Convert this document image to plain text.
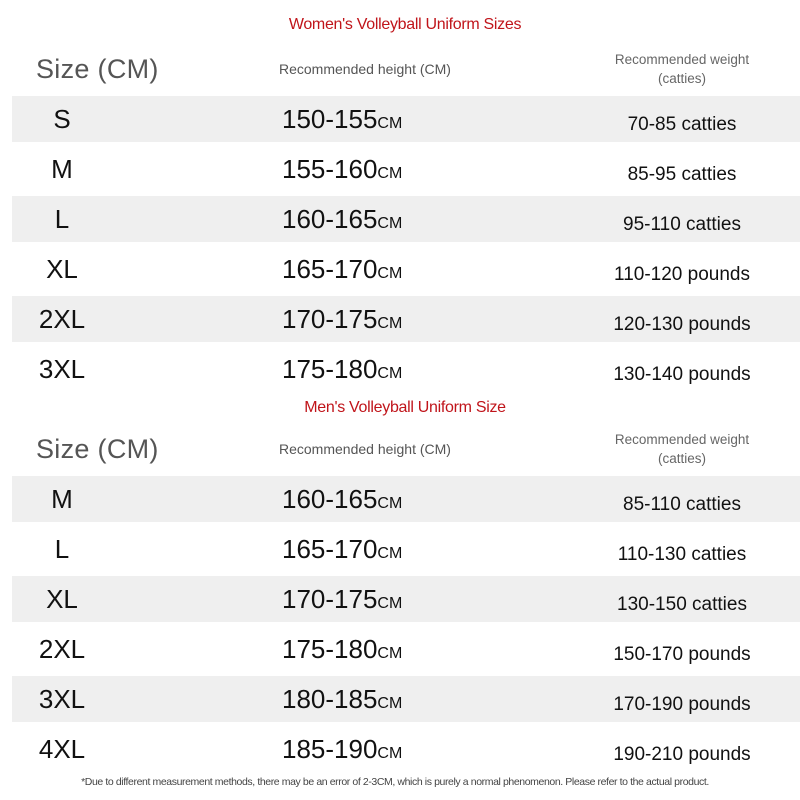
Women's Volleyball Uniform Sizes
Size (CM)	Recommended height (CM)
Recommended weight
(catties)
S	150-155CM	70-85 catties
M	155-160CM	85-95 catties
L	160-165CM	95-110 catties
XL	165-170CM	110-120 pounds
2XL	170-175CM	120-130 pounds
3XL	175-180CM	130-140 pounds
Men's Volleyball Uniform Size
Size (CM)	Recommended height (CM)
Recommended weight
(catties)
M	160-165CM	85-110 catties
L	165-170CM	110-130 catties
XL	170-175CM	130-150 catties
2XL	175-180CM	150-170 pounds
3XL	180-185CM	170-190 pounds
4XL	185-190CM	190-210 pounds
*Due to different measurement methods, there may be an error of 2-3CM, which is purely a normal phenomenon. Please refer to the actual product.
